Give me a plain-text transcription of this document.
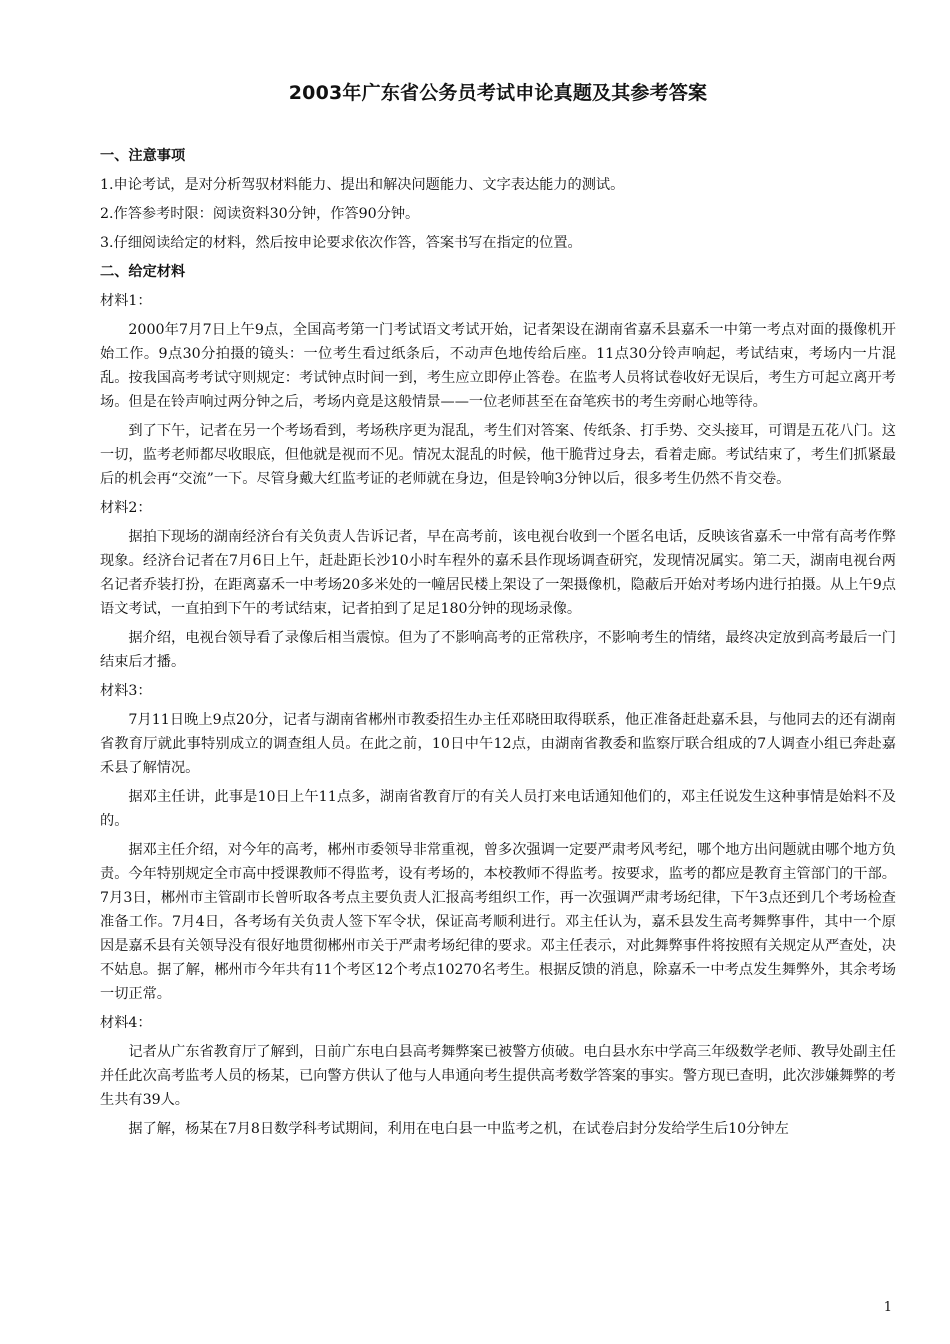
2003年广东省公务员考试申论真题及其参考答案
一、注意事项
1.申论考试，是对分析驾驭材料能力、提出和解决问题能力、文字表达能力的测试。
2.作答参考时限：阅读资料30分钟，作答90分钟。
3.仔细阅读给定的材料，然后按申论要求依次作答，答案书写在指定的位置。
二、给定材料
材料1：

2000年7月7日上午9点，全国高考第一门考试语文考试开始，记者架设在湖南省嘉禾县嘉禾一中第一考点对面的摄像机开始工作。9点30分拍摄的镜头：一位考生看过纸条后，不动声色地传给后座。11点30分铃声响起，考试结束，考场内一片混乱。按我国高考考试守则规定：考试钟点时间一到，考生应立即停止答卷。在监考人员将试卷收好无误后，考生方可起立离开考场。但是在铃声响过两分钟之后，考场内竟是这般情景——一位老师甚至在奋笔疾书的考生旁耐心地等待。

到了下午，记者在另一个考场看到，考场秩序更为混乱，考生们对答案、传纸条、打手势、交头接耳，可谓是五花八门。这一切，监考老师都尽收眼底，但他就是视而不见。情况太混乱的时候，他干脆背过身去，看着走廊。考试结束了，考生们抓紧最后的机会再“交流”一下。尽管身戴大红监考证的老师就在身边，但是铃响3分钟以后，很多考生仍然不肯交卷。

材料2：

据拍下现场的湖南经济台有关负责人告诉记者，早在高考前，该电视台收到一个匿名电话，反映该省嘉禾一中常有高考作弊现象。经济台记者在7月6日上午，赶赴距长沙10小时车程外的嘉禾县作现场调查研究，发现情况属实。第二天，湖南电视台两名记者乔装打扮，在距离嘉禾一中考场20多米处的一幢居民楼上架设了一架摄像机，隐蔽后开始对考场内进行拍摄。从上午9点语文考试，一直拍到下午的考试结束，记者拍到了足足180分钟的现场录像。

据介绍，电视台领导看了录像后相当震惊。但为了不影响高考的正常秩序，不影响考生的情绪，最终决定放到高考最后一门结束后才播。

材料3：

7月11日晚上9点20分，记者与湖南省郴州市教委招生办主任邓晓田取得联系，他正准备赶赴嘉禾县，与他同去的还有湖南省教育厅就此事特别成立的调查组人员。在此之前，10日中午12点，由湖南省教委和监察厅联合组成的7人调查小组已奔赴嘉禾县了解情况。

据邓主任讲，此事是10日上午11点多，湖南省教育厅的有关人员打来电话通知他们的，邓主任说发生这种事情是始料不及的。

据邓主任介绍，对今年的高考，郴州市委领导非常重视，曾多次强调一定要严肃考风考纪，哪个地方出问题就由哪个地方负责。今年特别规定全市高中授课教师不得监考，设有考场的，本校教师不得监考。按要求，监考的都应是教育主管部门的干部。7月3日，郴州市主管副市长曾听取各考点主要负责人汇报高考组织工作，再一次强调严肃考场纪律，下午3点还到几个考场检查准备工作。7月4日，各考场有关负责人签下军令状，保证高考顺利进行。邓主任认为，嘉禾县发生高考舞弊事件，其中一个原因是嘉禾县有关领导没有很好地贯彻郴州市关于严肃考场纪律的要求。邓主任表示，对此舞弊事件将按照有关规定从严查处，决不姑息。据了解，郴州市今年共有11个考区12个考点10270名考生。根据反馈的消息，除嘉禾一中考点发生舞弊外，其余考场一切正常。

材料4：

记者从广东省教育厅了解到，日前广东电白县高考舞弊案已被警方侦破。电白县水东中学高三年级数学老师、教导处副主任并任此次高考监考人员的杨某，已向警方供认了他与人串通向考生提供高考数学答案的事实。警方现已查明，此次涉嫌舞弊的考生共有39人。

据了解，杨某在7月8日数学科考试期间，利用在电白县一中监考之机，在试卷启封分发给学生后10分钟左

1
